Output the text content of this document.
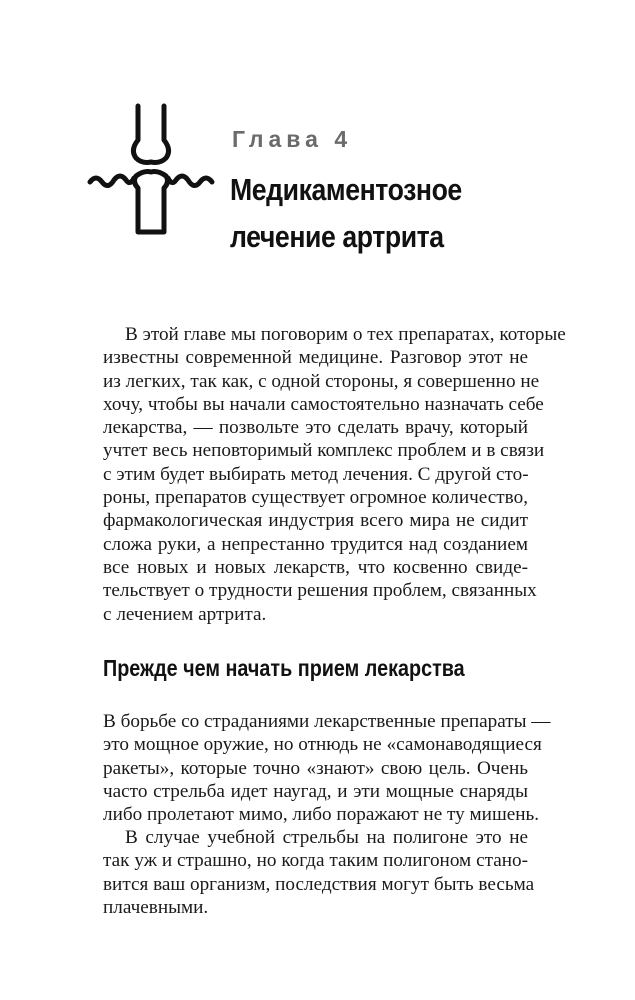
Глава 4
Медикаментозное
лечение артрита
В этой главе мы поговорим о тех препаратах, которые
известны современной медицине. Разговор этот не
из легких, так как, с одной стороны, я совершенно не
хочу, чтобы вы начали самостоятельно назначать себе
лекарства, — позвольте это сделать врачу, который
учтет весь неповторимый комплекс проблем и в связи
с этим будет выбирать метод лечения. С другой сто-
роны, препаратов существует огромное количество,
фармакологическая индустрия всего мира не сидит
сложа руки, а непрестанно трудится над созданием
все новых и новых лекарств, что косвенно свиде-
тельствует о трудности решения проблем, связанных
с лечением артрита.
Прежде чем начать прием лекарства
В борьбе со страданиями лекарственные препараты —
это мощное оружие, но отнюдь не «самонаводящиеся
ракеты», которые точно «знают» свою цель. Очень
часто стрельба идет наугад, и эти мощные снаряды
либо пролетают мимо, либо поражают не ту мишень.
В случае учебной стрельбы на полигоне это не
так уж и страшно, но когда таким полигоном стано-
вится ваш организм, последствия могут быть весьма
плачевными.
